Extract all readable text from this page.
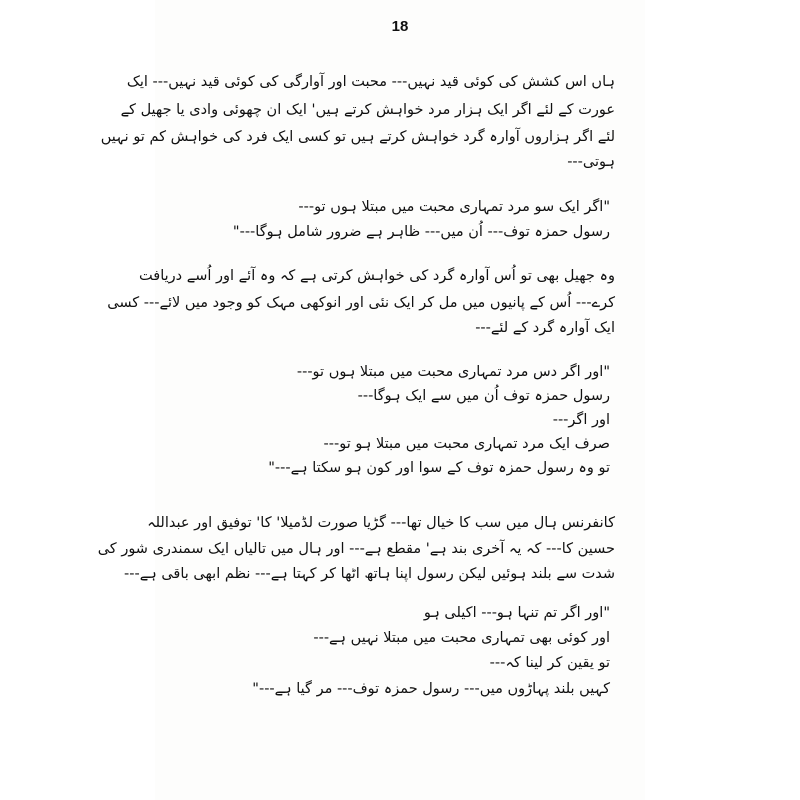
18
ہاں اس کشش کی کوئی قید نہیں--- محبت اور آوارگی کی کوئی قید نہیں--- ایک
عورت کے لئے اگر ایک ہزار مرد خواہش کرتے ہیں' ایک ان چھوئی وادی یا جھیل کے
لئے اگر ہزاروں آوارہ گرد خواہش کرتے ہیں تو کسی ایک فرد کی خواہش کم تو نہیں
ہوتی---
"اگر ایک سو مرد تمہاری محبت میں مبتلا ہوں تو---
رسول حمزہ توف--- اُن میں--- ظاہر ہے ضرور شامل ہوگا---"
وہ جھیل بھی تو اُس آوارہ گرد کی خواہش کرتی ہے کہ وہ آئے اور اُسے دریافت
کرے--- اُس کے پانیوں میں مل کر ایک نئی اور انوکھی مہک کو وجود میں لائے--- کسی
ایک آوارہ گرد کے لئے---
"اور اگر دس مرد تمہاری محبت میں مبتلا ہوں تو---
رسول حمزہ توف اُن میں سے ایک ہوگا---
اور اگر---
صرف ایک مرد تمہاری محبت میں مبتلا ہو تو---
تو وہ رسول حمزہ توف کے سوا اور کون ہو سکتا ہے---"
کانفرنس ہال میں سب کا خیال تھا--- گڑیا صورت لڈمیلا' کا' توفیق اور عبداللہ
حسین کا--- کہ یہ آخری بند ہے' مقطع ہے--- اور ہال میں تالیاں ایک سمندری شور کی
شدت سے بلند ہوئیں لیکن رسول اپنا ہاتھ اٹھا کر کہتا ہے--- نظم ابھی باقی ہے---
"اور اگر تم تنہا ہو--- اکیلی ہو
اور کوئی بھی تمہاری محبت میں مبتلا نہیں ہے---
تو یقین کر لینا کہ---
کہیں بلند پہاڑوں میں--- رسول حمزہ توف--- مر گیا ہے---"
